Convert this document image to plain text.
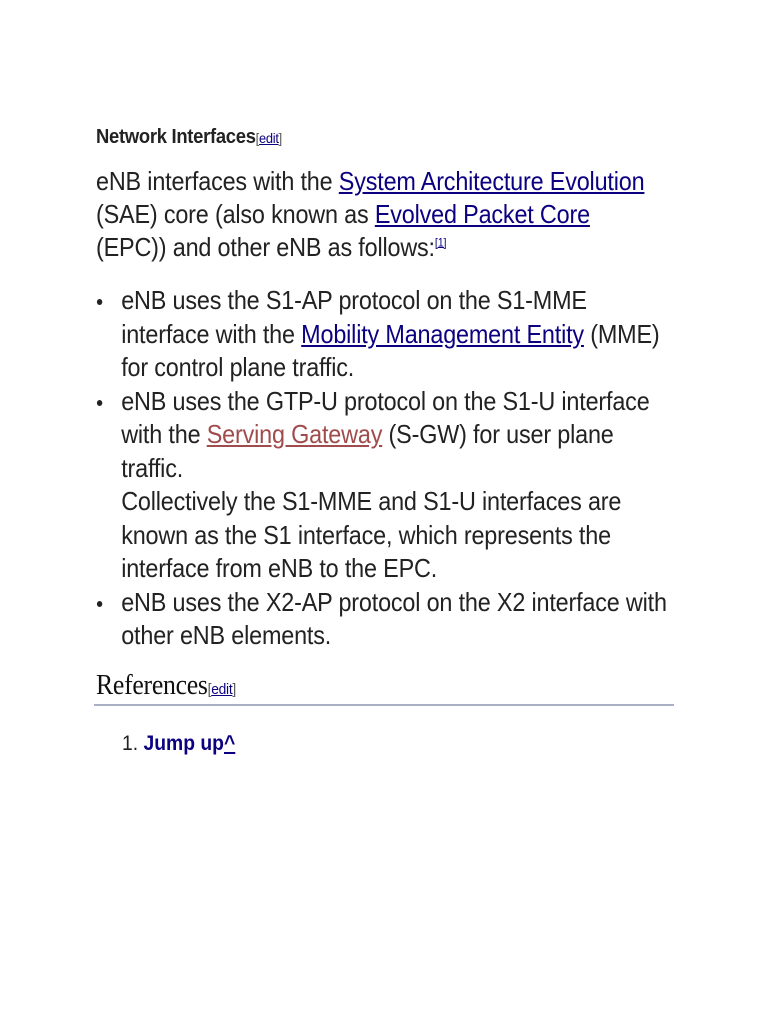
Network Interfaces[edit]
eNB interfaces with the System Architecture Evolution (SAE) core (also known as Evolved Packet Core (EPC)) and other eNB as follows:[1]
eNB uses the S1-AP protocol on the S1-MME interface with the Mobility Management Entity (MME) for control plane traffic.
eNB uses the GTP-U protocol on the S1-U interface with the Serving Gateway (S-GW) for user plane traffic.
Collectively the S1-MME and S1-U interfaces are known as the S1 interface, which represents the interface from eNB to the EPC.
eNB uses the X2-AP protocol on the X2 interface with other eNB elements.
References[edit]
1. Jump up^
